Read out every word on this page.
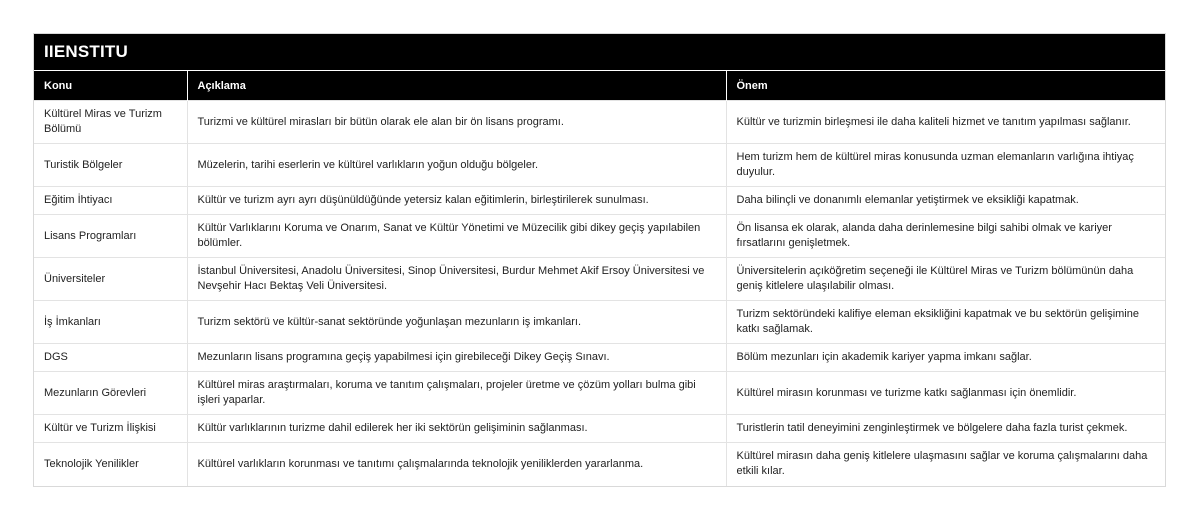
IIENSTITU
Konu	Açıklama	Önem
Kültürel Miras ve Turizm Bölümü	Turizmi ve kültürel mirasları bir bütün olarak ele alan bir ön lisans programı.	Kültür ve turizmin birleşmesi ile daha kaliteli hizmet ve tanıtım yapılması sağlanır.
Turistik Bölgeler	Müzelerin, tarihi eserlerin ve kültürel varlıkların yoğun olduğu bölgeler.	Hem turizm hem de kültürel miras konusunda uzman elemanların varlığına ihtiyaç duyulur.
Eğitim İhtiyacı	Kültür ve turizm ayrı ayrı düşünüldüğünde yetersiz kalan eğitimlerin, birleştirilerek sunulması.	Daha bilinçli ve donanımlı elemanlar yetiştirmek ve eksikliği kapatmak.
Lisans Programları	Kültür Varlıklarını Koruma ve Onarım, Sanat ve Kültür Yönetimi ve Müzecilik gibi dikey geçiş yapılabilen bölümler.	Ön lisansa ek olarak, alanda daha derinlemesine bilgi sahibi olmak ve kariyer fırsatlarını genişletmek.
Üniversiteler	İstanbul Üniversitesi, Anadolu Üniversitesi, Sinop Üniversitesi, Burdur Mehmet Akif Ersoy Üniversitesi ve Nevşehir Hacı Bektaş Veli Üniversitesi.	Üniversitelerin açıköğretim seçeneği ile Kültürel Miras ve Turizm bölümünün daha geniş kitlelere ulaşılabilir olması.
İş İmkanları	Turizm sektörü ve kültür-sanat sektöründe yoğunlaşan mezunların iş imkanları.	Turizm sektöründeki kalifiye eleman eksikliğini kapatmak ve bu sektörün gelişimine katkı sağlamak.
DGS	Mezunların lisans programına geçiş yapabilmesi için girebileceği Dikey Geçiş Sınavı.	Bölüm mezunları için akademik kariyer yapma imkanı sağlar.
Mezunların Görevleri	Kültürel miras araştırmaları, koruma ve tanıtım çalışmaları, projeler üretme ve çözüm yolları bulma gibi işleri yaparlar.	Kültürel mirasın korunması ve turizme katkı sağlanması için önemlidir.
Kültür ve Turizm İlişkisi	Kültür varlıklarının turizme dahil edilerek her iki sektörün gelişiminin sağlanması.	Turistlerin tatil deneyimini zenginleştirmek ve bölgelere daha fazla turist çekmek.
Teknolojik Yenilikler	Kültürel varlıkların korunması ve tanıtımı çalışmalarında teknolojik yeniliklerden yararlanma.	Kültürel mirasın daha geniş kitlelere ulaşmasını sağlar ve koruma çalışmalarını daha etkili kılar.
